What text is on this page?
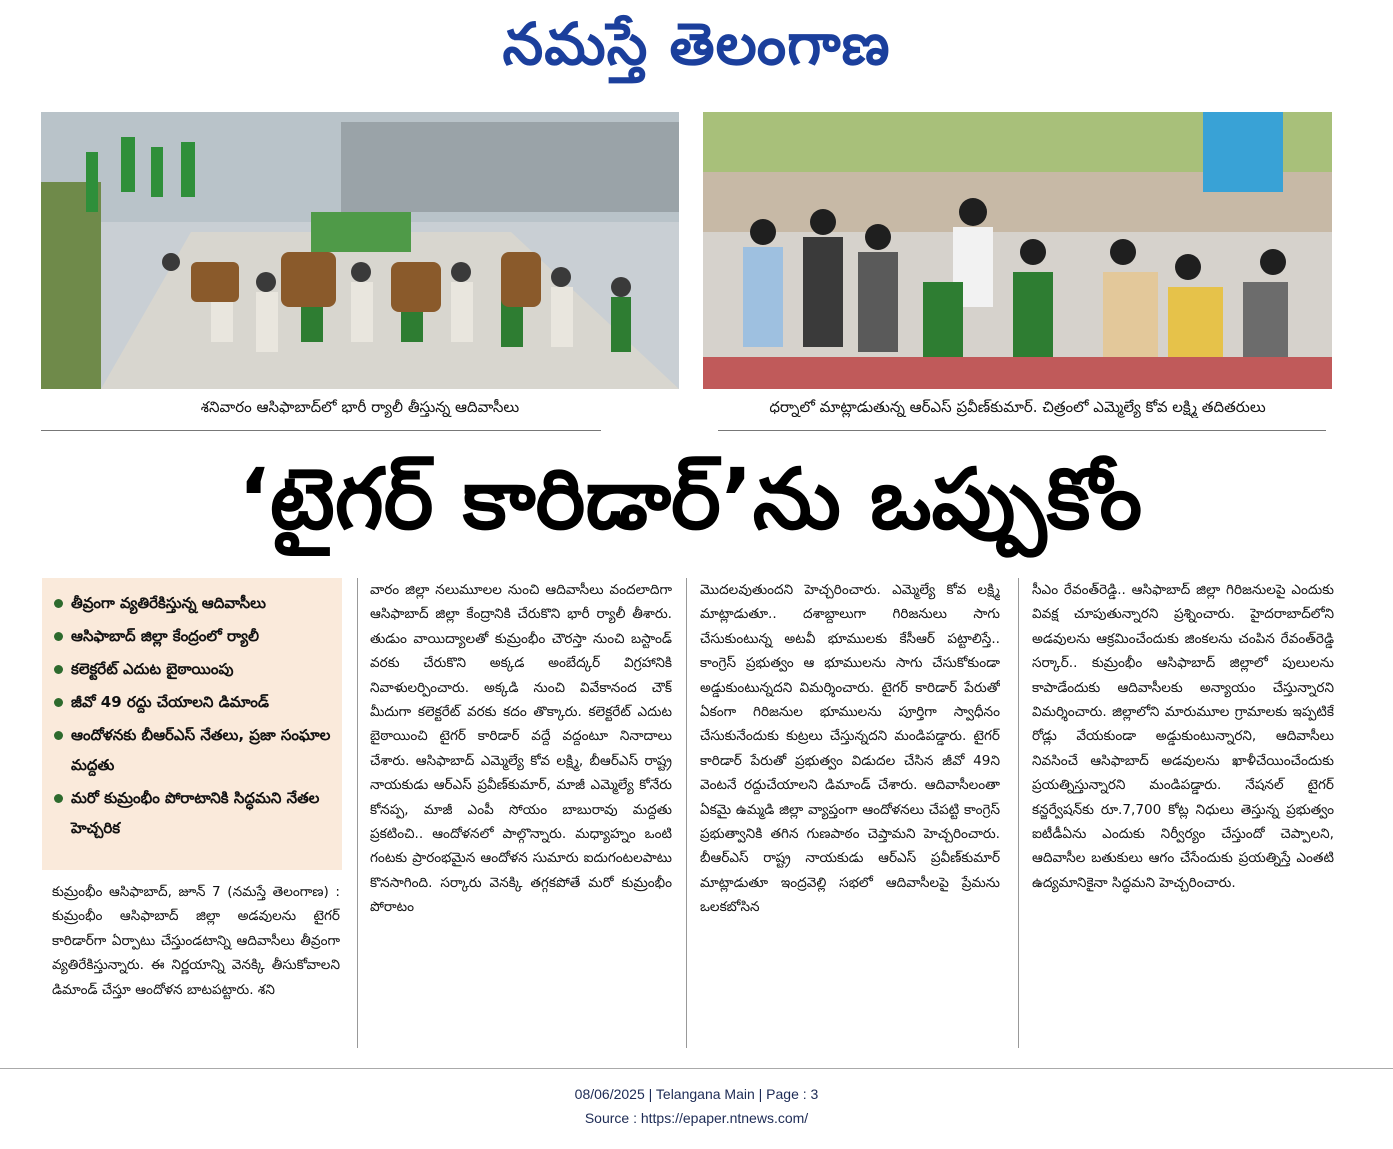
నమస్తే తెలంగాణ
శనివారం ఆసిఫాబాద్‌లో భారీ ర్యాలీ తీస్తున్న ఆదివాసీలు	ధర్నాలో మాట్లాడుతున్న ఆర్‌ఎస్‌ ప్రవీణ్‌కుమార్‌. చిత్రంలో ఎమ్మెల్యే కోవ లక్ష్మి తదితరులు
‘టైగర్‌ కారిడార్‌’ను ఒప్పుకోం
తీవ్రంగా వ్యతిరేకిస్తున్న ఆదివాసీలు
ఆసిఫాబాద్‌ జిల్లా కేంద్రంలో ర్యాలీ
కలెక్టరేట్‌ ఎదుట బైఠాయింపు
జీవో 49 రద్దు చేయాలని డిమాండ్‌
ఆందోళనకు బీఆర్‌ఎస్‌ నేతలు, ప్రజా సంఘాల మద్దతు
మరో కుమ్రంభీం పోరాటానికి సిద్ధమని నేతల హెచ్చరిక

కుమ్రంభీం ఆసిఫాబాద్‌, జూన్‌ 7 (నమస్తే తెలంగాణ) : కుమ్రంభీం ఆసిఫాబాద్‌ జిల్లా అడవులను టైగర్‌ కారిడార్‌గా ఏర్పాటు చేస్తుండటాన్ని ఆదివాసీలు తీవ్రంగా వ్యతిరేకిస్తున్నారు. ఈ నిర్ణయాన్ని వెనక్కి తీసుకోవాలని డిమాండ్‌ చేస్తూ ఆందోళన బాటపట్టారు. శని

వారం జిల్లా నలుమూలల నుంచి ఆదివాసీలు వందలాదిగా ఆసిఫాబాద్‌ జిల్లా కేంద్రానికి చేరుకొని భారీ ర్యాలీ తీశారు. తుడుం వాయిద్యాలతో కుమ్రంభీం చౌరస్తా నుంచి బస్టాండ్‌ వరకు చేరుకొని అక్కడ అంబేద్కర్‌ విగ్రహానికి నివాళులర్పించారు. అక్కడి నుంచి వివేకానంద చౌక్‌ మీదుగా కలెక్టరేట్‌ వరకు కదం తొక్కారు. కలెక్టరేట్‌ ఎదుట బైఠాయించి టైగర్‌ కారిడార్‌ వద్దే వద్దంటూ నినాదాలు చేశారు. ఆసిఫాబాద్‌ ఎమ్మెల్యే కోవ లక్ష్మి, బీఆర్‌ఎస్‌ రాష్ట్ర నాయకుడు ఆర్‌ఎస్‌ ప్రవీణ్‌కుమార్‌, మాజీ ఎమ్మెల్యే కోనేరు కోనప్ప, మాజీ ఎంపీ సోయం బాబురావు మద్దతు ప్రకటించి.. ఆందోళనలో పాల్గొన్నారు. మధ్యాహ్నం ఒంటి గంటకు ప్రారంభమైన ఆందోళన సుమారు ఐదుగంటలపాటు కొనసాగింది. సర్కారు వెనక్కి తగ్గకపోతే మరో కుమ్రంభీం పోరాటం

మొదలవుతుందని హెచ్చరించారు. ఎమ్మెల్యే కోవ లక్ష్మి మాట్లాడుతూ.. దశాబ్దాలుగా గిరిజనులు సాగు చేసుకుంటున్న అటవీ భూములకు కేసీఆర్‌ పట్టాలిస్తే.. కాంగ్రెస్‌ ప్రభుత్వం ఆ భూములను సాగు చేసుకోకుండా అడ్డుకుంటున్నదని విమర్శించారు. టైగర్‌ కారిడార్‌ పేరుతో ఏకంగా గిరిజనుల భూములను పూర్తిగా స్వాధీనం చేసుకునేందుకు కుట్రలు చేస్తున్నదని మండిపడ్డారు. టైగర్‌ కారిడార్‌ పేరుతో ప్రభుత్వం విడుదల చేసిన జీవో 49ని వెంటనే రద్దుచేయాలని డిమాండ్‌ చేశారు. ఆదివాసీలంతా ఏకమై ఉమ్మడి జిల్లా వ్యాప్తంగా ఆందోళనలు చేపట్టి కాంగ్రెస్‌ ప్రభుత్వానికి తగిన గుణపాఠం చెప్తామని హెచ్చరించారు. బీఆర్‌ఎస్‌ రాష్ట్ర నాయకుడు ఆర్‌ఎస్‌ ప్రవీణ్‌కుమార్‌ మాట్లాడుతూ ఇంద్రవెల్లి సభలో ఆదివాసీలపై ప్రేమను ఒలకబోసిన

సీఎం రేవంత్‌రెడ్డి.. ఆసిఫాబాద్‌ జిల్లా గిరిజనులపై ఎందుకు వివక్ష చూపుతున్నారని ప్రశ్నించారు. హైదరాబాద్‌లోని అడవులను ఆక్రమించేందుకు జింకలను చంపిన రేవంత్‌రెడ్డి సర్కార్‌.. కుమ్రంభీం ఆసిఫాబాద్‌ జిల్లాలో పులులను కాపాడేందుకు ఆదివాసీలకు అన్యాయం చేస్తున్నారని విమర్శించారు. జిల్లాలోని మారుమూల గ్రామాలకు ఇప్పటికే రోడ్లు వేయకుండా అడ్డుకుంటున్నారని, ఆదివాసీలు నివసించే ఆసిఫాబాద్‌ అడవులను ఖాళీచేయించేందుకు ప్రయత్నిస్తున్నారని మండిపడ్డారు. నేషనల్‌ టైగర్‌ కన్జర్వేషన్‌కు రూ.7,700 కోట్ల నిధులు తెస్తున్న ప్రభుత్వం ఐటీడీఏను ఎందుకు నిర్వీర్యం చేస్తుందో చెప్పాలని, ఆదివాసీల బతుకులు ఆగం చేసేందుకు ప్రయత్నిస్తే ఎంతటి ఉద్యమానికైనా సిద్ధమని హెచ్చరించారు.

08/06/2025 | Telangana Main | Page : 3
Source : https://epaper.ntnews.com/
